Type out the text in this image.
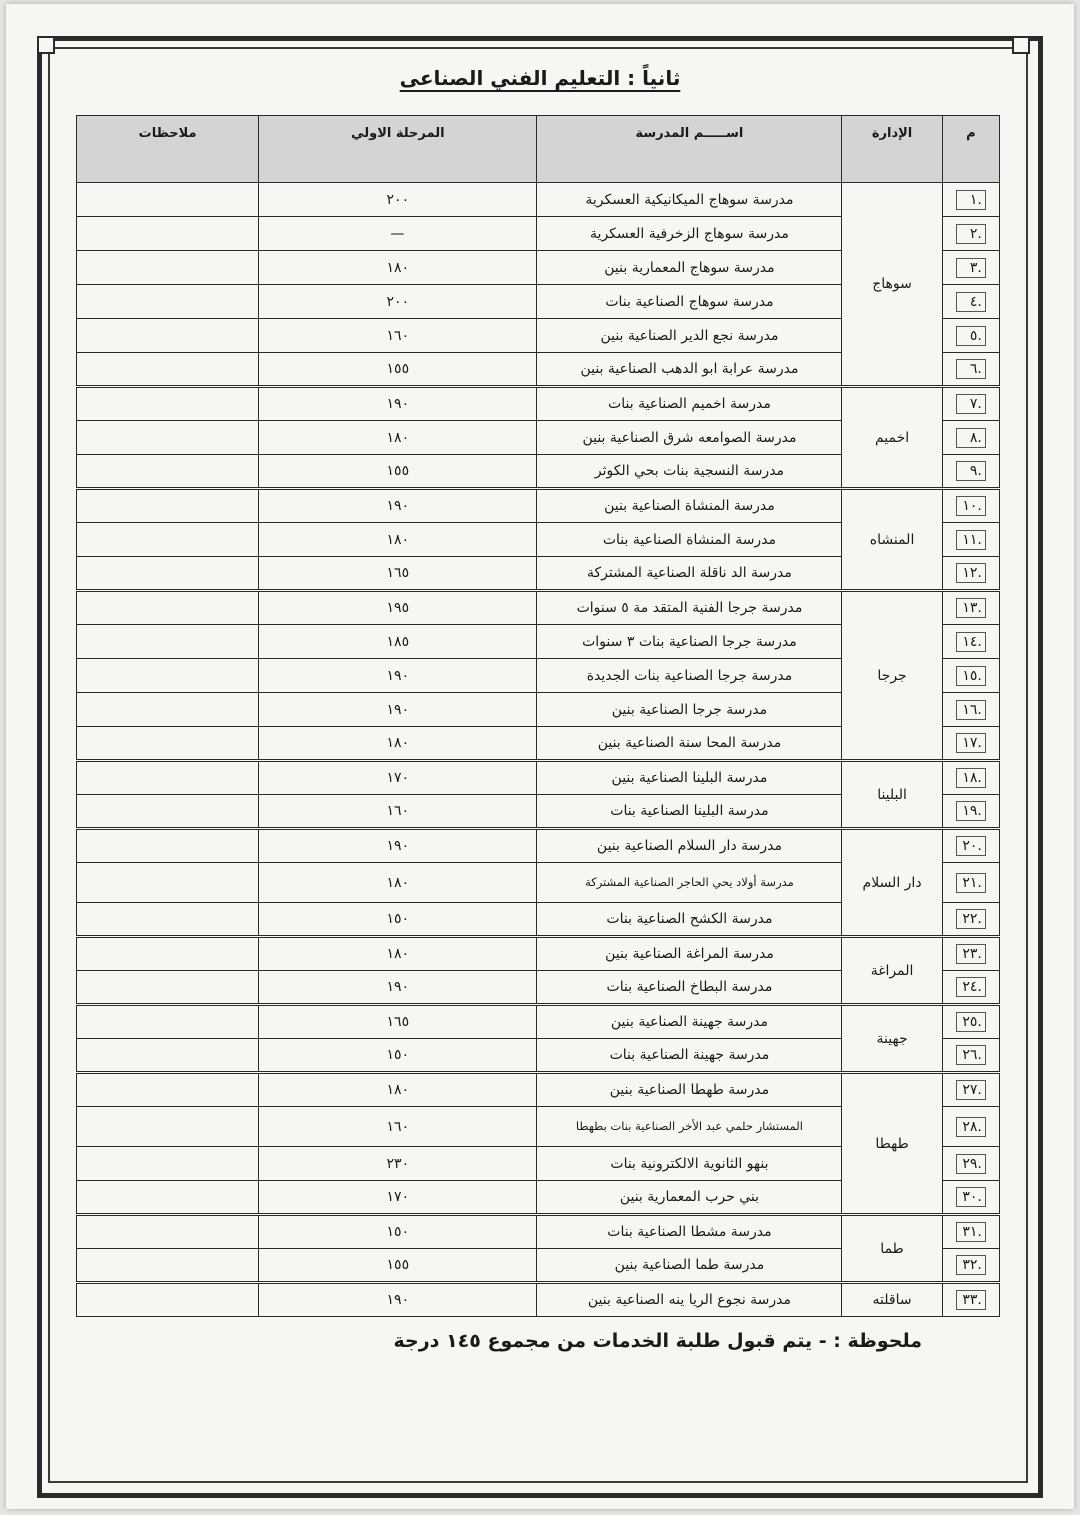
ثانياً : التعليم الفني الصناعى
م	الإدارة	اســـــم المدرسة	المرحلة الاولي	ملاحظات
.١	سوهاج	مدرسة سوهاج الميكانيكية العسكرية	٢٠٠	
.٢		مدرسة سوهاج الزخرفية العسكرية	—	
.٣		مدرسة سوهاج المعمارية بنين	١٨٠	
.٤		مدرسة سوهاج الصناعية بنات	٢٠٠	
.٥		مدرسة نجع الدير الصناعية بنين	١٦٠	
.٦		مدرسة عرابة ابو الدهب الصناعية بنين	١٥٥	
.٧	اخميم	مدرسة اخميم الصناعية بنات	١٩٠	
.٨		مدرسة الصوامعه شرق الصناعية بنين	١٨٠	
.٩		مدرسة النسجية بنات بحي الكوثر	١٥٥	
.١٠	المنشاه	مدرسة المنشاة الصناعية بنين	١٩٠	
.١١		مدرسة المنشاة الصناعية بنات	١٨٠	
.١٢		مدرسة الد ناقلة الصناعية المشتركة	١٦٥	
.١٣	جرجا	مدرسة جرجا الفنية المتقد مة ٥ سنوات	١٩٥	
.١٤		مدرسة جرجا الصناعية بنات ٣ سنوات	١٨٥	
.١٥		مدرسة جرجا الصناعية بنات الجديدة	١٩٠	
.١٦		مدرسة جرجا الصناعية بنين	١٩٠	
.١٧		مدرسة المحا سنة الصناعية بنين	١٨٠	
.١٨	البلينا	مدرسة البلينا الصناعية بنين	١٧٠	
.١٩		مدرسة البلينا الصناعية بنات	١٦٠	
.٢٠	دار السلام	مدرسة دار السلام الصناعية بنين	١٩٠	
.٢١		مدرسة أولاد يحي الحاجر الصناعية المشتركة	١٨٠	
.٢٢		مدرسة الكشح الصناعية بنات	١٥٠	
.٢٣	المراغة	مدرسة المراغة الصناعية بنين	١٨٠	
.٢٤		مدرسة البطاخ الصناعية بنات	١٩٠	
.٢٥	جهينة	مدرسة جهينة الصناعية بنين	١٦٥	
.٢٦		مدرسة جهينة الصناعية بنات	١٥٠	
.٢٧	طهطا	مدرسة طهطا الصناعية بنين	١٨٠	
.٢٨		المستشار حلمي عبد الأخر الصناعية بنات بطهطا	١٦٠	
.٢٩		بنهو الثانوية الالكترونية بنات	٢٣٠	
.٣٠		بني حرب المعمارية بنين	١٧٠	
.٣١	طما	مدرسة مشطا الصناعية بنات	١٥٠	
.٣٢		مدرسة طما الصناعية بنين	١٥٥	
.٣٣	ساقلته	مدرسة نجوع الريا ينه الصناعية بنين	١٩٠	
ملحوظة : - يتم قبول طلبة الخدمات من مجموع ١٤٥ درجة
